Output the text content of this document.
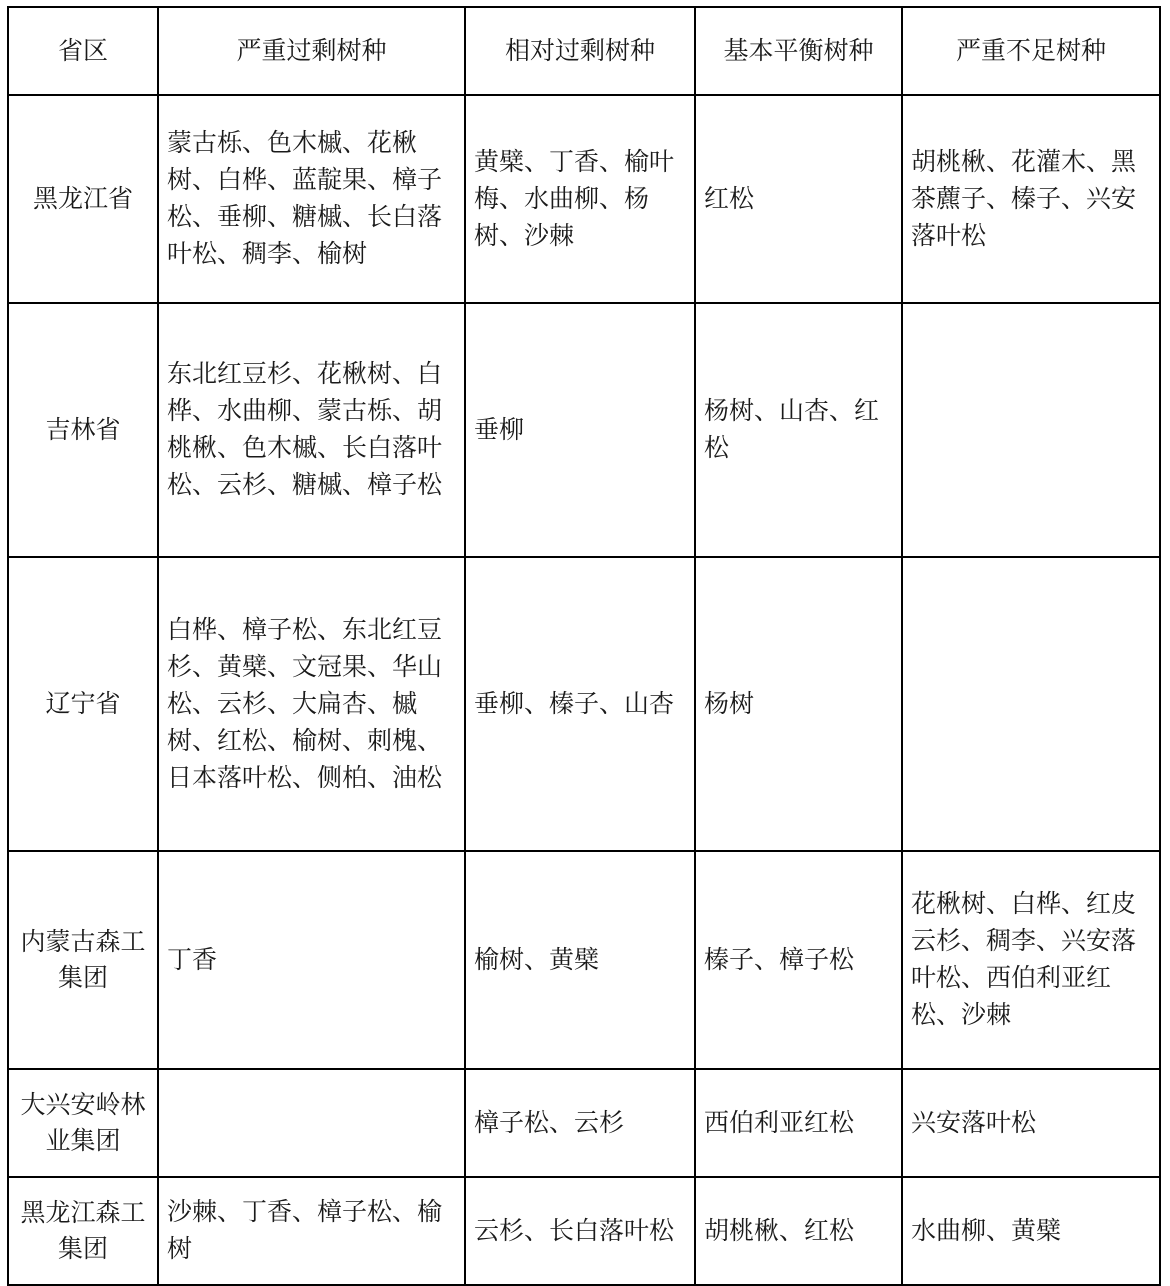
省区	严重过剩树种	相对过剩树种	基本平衡树种	严重不足树种
黑龙江省	蒙古栎、色木槭、花楸树、白桦、蓝靛果、樟子松、垂柳、糖槭、长白落叶松、稠李、榆树	黄檗、丁香、榆叶梅、水曲柳、杨树、沙棘	红松	胡桃楸、花灌木、黑茶藨子、榛子、兴安落叶松
吉林省	东北红豆杉、花楸树、白桦、水曲柳、蒙古栎、胡桃楸、色木槭、长白落叶松、云杉、糖槭、樟子松	垂柳	杨树、山杏、红松	
辽宁省	白桦、樟子松、东北红豆杉、黄檗、文冠果、华山松、云杉、大扁杏、槭树、红松、榆树、刺槐、日本落叶松、侧柏、油松	垂柳、榛子、山杏	杨树	
内蒙古森工集团	丁香	榆树、黄檗	榛子、樟子松	花楸树、白桦、红皮云杉、稠李、兴安落叶松、西伯利亚红松、沙棘
大兴安岭林业集团		樟子松、云杉	西伯利亚红松	兴安落叶松
黑龙江森工集团	沙棘、丁香、樟子松、榆树	云杉、长白落叶松	胡桃楸、红松	水曲柳、黄檗
